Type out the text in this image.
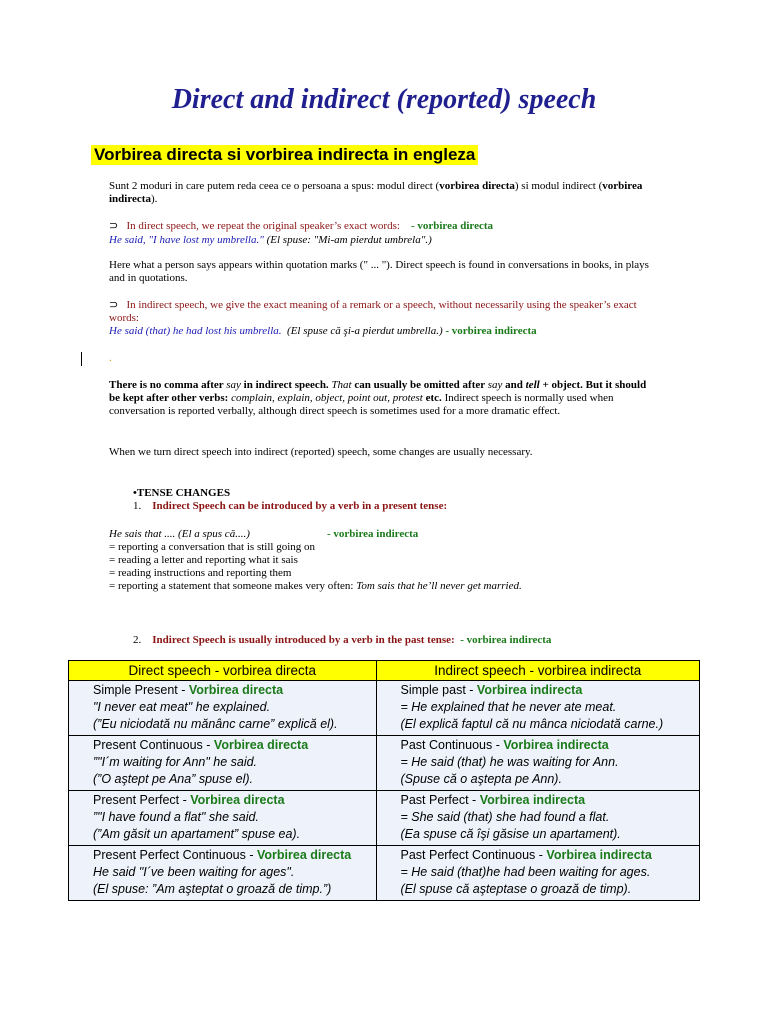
Direct and indirect (reported) speech
Vorbirea directa si vorbirea indirecta in engleza
Sunt 2 moduri in care putem reda ceea ce o persoana a spus: modul direct (vorbirea directa) si modul indirect (vorbirea indirecta).
⊃ In direct speech, we repeat the original speaker’s exact words: - vorbirea directa
He said, "I have lost my umbrella." (El spuse: "Mi-am pierdut umbrela".)
Here what a person says appears within quotation marks (" ... "). Direct speech is found in conversations in books, in plays and in quotations.
⊃ In indirect speech, we give the exact meaning of a remark or a speech, without necessarily using the speaker’s exact words:
He said (that) he had lost his umbrella. (El spuse că şi-a pierdut umbrella.) - vorbirea indirecta
.
There is no comma after say in indirect speech. That can usually be omitted after say and tell + object. But it should be kept after other verbs: complain, explain, object, point out, protest etc. Indirect speech is normally used when conversation is reported verbally, although direct speech is sometimes used for a more dramatic effect.
When we turn direct speech into indirect (reported) speech, some changes are usually necessary.
•TENSE CHANGES
1. Indirect Speech can be introduced by a verb in a present tense:
He sais that .... (El a spus că....)	- vorbirea indirecta
= reporting a conversation that is still going on
= reading a letter and reporting what it sais
= reading instructions and reporting them
= reporting a statement that someone makes very often: Tom sais that he’ll never get married.
2. Indirect Speech is usually introduced by a verb in the past tense: - vorbirea indirecta
Direct speech - vorbirea directa	Indirect speech - vorbirea indirecta
Simple Present - Vorbirea directa
"I never eat meat" he explained.
(”Eu niciodată nu mănânc carne” explică el).	Simple past - Vorbirea indirecta
= He explained that he never ate meat.
(El explică faptul că nu mânca niciodată carne.)

Present Continuous - Vorbirea directa
”"I´m waiting for Ann" he said.
(”O aştept pe Ana” spuse el).	Past Continuous - Vorbirea indirecta
= He said (that) he was waiting for Ann.
(Spuse că o aştepta pe Ann).

Present Perfect - Vorbirea directa
”"I have found a flat" she said.
(”Am găsit un apartament” spuse ea).	Past Perfect - Vorbirea indirecta
= She said (that) she had found a flat.
(Ea spuse că îşi găsise un apartament).

Present Perfect Continuous - Vorbirea directa
He said "I´ve been waiting for ages".
(El spuse: ”Am aşteptat o groază de timp.”)	Past Perfect Continuous - Vorbirea indirecta
= He said (that)he had been waiting for ages.
(El spuse că aşteptase o groază de timp).
